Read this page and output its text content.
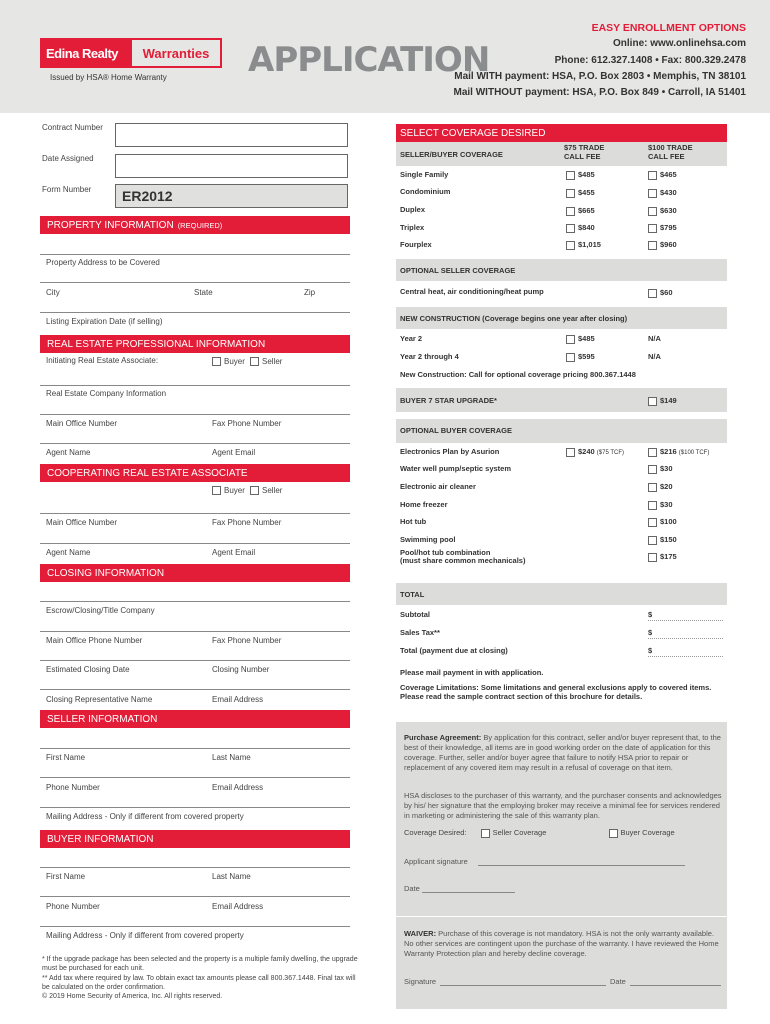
Edina Realty	Warranties
Issued by HSA® Home Warranty APPLICATION
EASY ENROLLMENT OPTIONS
Online: www.onlinehsa.com
Phone: 612.327.1408 • Fax: 800.329.2478
Mail WITH payment: HSA, P.O. Box 2803 • Memphis, TN 38101
Mail WITHOUT payment: HSA, P.O. Box 849 • Carroll, IA 51401
Contract Number
Date Assigned
Form Number	ER2012
PROPERTY INFORMATION (REQUIRED)
Property Address to be Covered
City	State	Zip
Listing Expiration Date (if selling)
REAL ESTATE PROFESSIONAL INFORMATION
Initiating Real Estate Associate:	Buyer	Seller
Real Estate Company Information
Main Office Number	Fax Phone Number
Agent Name	Agent Email
COOPERATING REAL ESTATE ASSOCIATE
Buyer	Seller
Main Office Number	Fax Phone Number
Agent Name	Agent Email
CLOSING INFORMATION
Escrow/Closing/Title Company
Main Office Phone Number	Fax Phone Number
Estimated Closing Date	Closing Number
Closing Representative Name	Email Address
SELLER INFORMATION
First Name	Last Name
Phone Number	Email Address
Mailing Address - Only if different from covered property
BUYER INFORMATION
First Name	Last Name
Phone Number	Email Address
Mailing Address - Only if different from covered property
* If the upgrade package has been selected and the property is a multiple family dwelling, the upgrade must be purchased for each unit.
** Add tax where required by law. To obtain exact tax amounts please call 800.367.1448. Final tax will be calculated on the order confirmation.
© 2019 Home Security of America, Inc. All rights reserved.
SELECT COVERAGE DESIRED
SELLER/BUYER COVERAGE
$75 TRADE CALL FEE
$100 TRADE CALL FEE
Single Family	$485	$465
Condominium	$455	$430
Duplex	$665	$630
Triplex	$840	$795
Fourplex	$1,015	$960
OPTIONAL SELLER COVERAGE
Central heat, air conditioning/heat pump	$60
NEW CONSTRUCTION (Coverage begins one year after closing)
Year 2	$485	N/A
Year 2 through 4	$595	N/A
New Construction: Call for optional coverage pricing 800.367.1448
BUYER 7 STAR UPGRADE*	$149
OPTIONAL BUYER COVERAGE
Electronics Plan by Asurion	$240 ($75 TCF)	$216 ($100 TCF)
Water well pump/septic system	$30
Electronic air cleaner	$20
Home freezer	$30
Hot tub	$100
Swimming pool	$150
Pool/hot tub combination
(must share common mechanicals)	$175
TOTAL
Subtotal	$
Sales Tax**	$
Total (payment due at closing)	$
Please mail payment in with application.
Coverage Limitations: Some limitations and general exclusions apply to covered items. Please read the sample contract section of this brochure for details.
Purchase Agreement: By application for this contract, seller and/or buyer represent that, to the best of their knowledge, all items are in good working order on the date of application for this coverage. Further, seller and/or buyer agree that failure to notify HSA prior to repair or replacement of any covered item may result in a refusal of coverage on that item.
HSA discloses to the purchaser of this warranty, and the purchaser consents and acknowledges by his/ her signature that the employing broker may receive a minimal fee for services rendered in marketing or administering the sale of this warranty plan.
Coverage Desired:	Seller Coverage	Buyer Coverage
Applicant signature
Date
WAIVER: Purchase of this coverage is not mandatory. HSA is not the only warranty available. No other services are contingent upon the purchase of the warranty. I have reviewed the Home Warranty Protection plan and hereby decline coverage.
Signature	Date
